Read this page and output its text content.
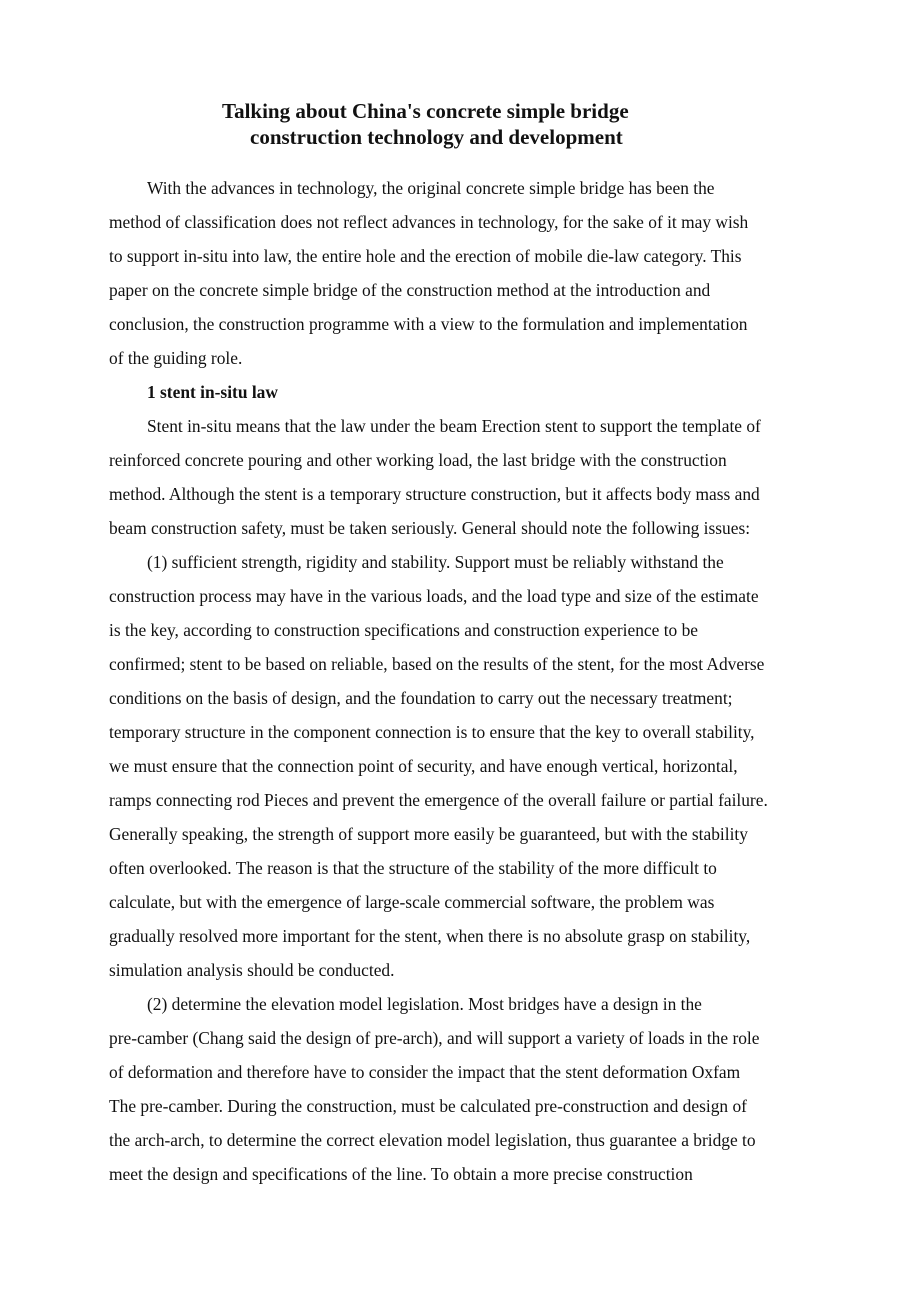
Talking about China's concrete simple bridge
construction technology and development
With the advances in technology, the original concrete simple bridge has been the
method of classification does not reflect advances in technology, for the sake of it may wish
to support in-situ into law, the entire hole and the erection of mobile die-law category. This
paper on the concrete simple bridge of the construction method at the introduction and
conclusion, the construction programme with a view to the formulation and implementation
of the guiding role.
1 stent in-situ law
Stent in-situ means that the law under the beam Erection stent to support the template of
reinforced concrete pouring and other working load, the last bridge with the construction
method. Although the stent is a temporary structure construction, but it affects body mass and
beam construction safety, must be taken seriously. General should note the following issues:
(1) sufficient strength, rigidity and stability. Support must be reliably withstand the
construction process may have in the various loads, and the load type and size of the estimate
is the key, according to construction specifications and construction experience to be
confirmed; stent to be based on reliable, based on the results of the stent, for the most Adverse
conditions on the basis of design, and the foundation to carry out the necessary treatment;
temporary structure in the component connection is to ensure that the key to overall stability,
we must ensure that the connection point of security, and have enough vertical, horizontal,
ramps connecting rod Pieces and prevent the emergence of the overall failure or partial failure.
Generally speaking, the strength of support more easily be guaranteed, but with the stability
often overlooked. The reason is that the structure of the stability of the more difficult to
calculate, but with the emergence of large-scale commercial software, the problem was
gradually resolved more important for the stent, when there is no absolute grasp on stability,
simulation analysis should be conducted.
(2) determine the elevation model legislation. Most bridges have a design in the
pre-camber (Chang said the design of pre-arch), and will support a variety of loads in the role
of deformation and therefore have to consider the impact that the stent deformation Oxfam
The pre-camber. During the construction, must be calculated pre-construction and design of
the arch-arch, to determine the correct elevation model legislation, thus guarantee a bridge to
meet the design and specifications of the line. To obtain a more precise construction
